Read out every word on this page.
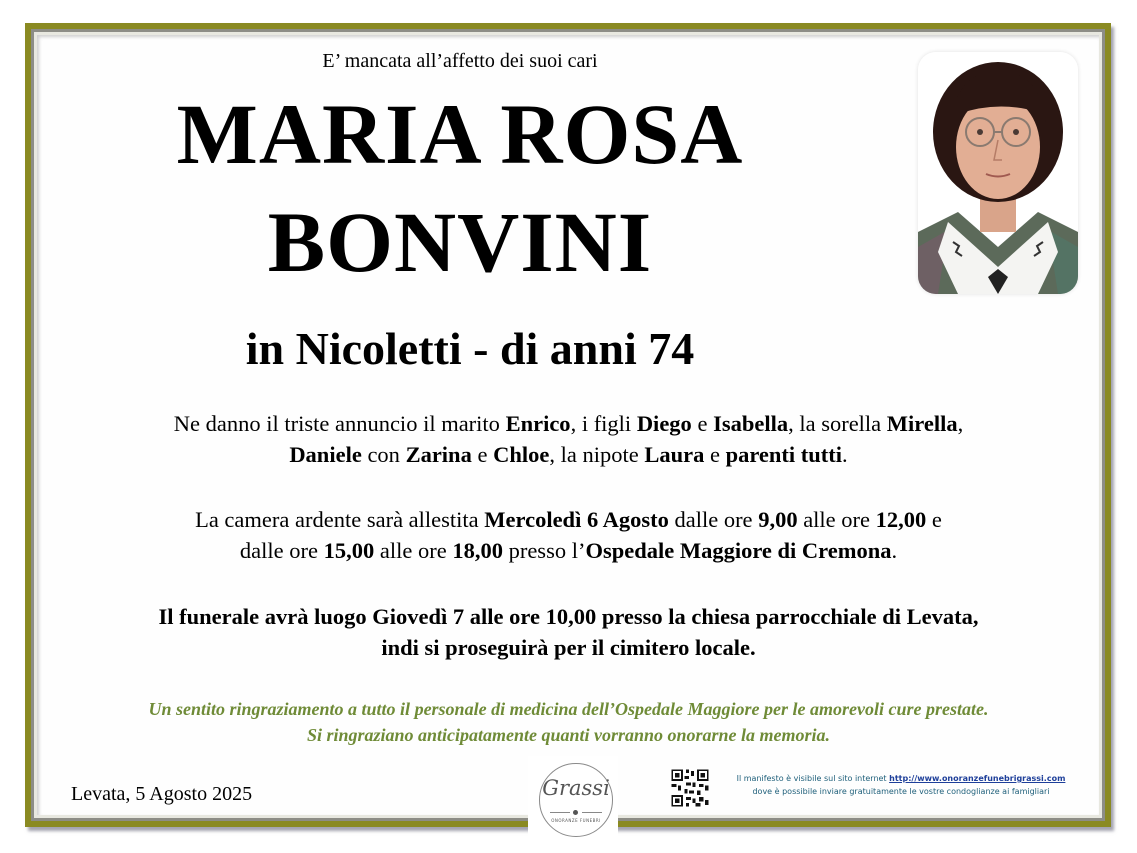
E’ mancata all’affetto dei suoi cari
MARIA ROSA
BONVINI
in Nicoletti - di anni 74
Ne danno il triste annuncio il marito Enrico, i figli Diego e Isabella, la sorella Mirella,
Daniele con Zarina e Chloe, la nipote Laura e parenti tutti.
La camera ardente sarà allestita Mercoledì 6 Agosto dalle ore 9,00 alle ore 12,00 e
dalle ore 15,00 alle ore 18,00 presso l’Ospedale Maggiore di Cremona.
Il funerale avrà luogo Giovedì 7 alle ore 10,00 presso la chiesa parrocchiale di Levata,
indi si proseguirà per il cimitero locale.
Un sentito ringraziamento a tutto il personale di medicina dell’Ospedale Maggiore per le amorevoli cure prestate.
Si ringraziano anticipatamente quanti vorranno onorarne la memoria.
Levata, 5 Agosto 2025	Grassi
ONORANZE FUNEBRI
Il manifesto è visibile sul sito internet http://www.onoranzefunebrigrassi.com
dove è possibile inviare gratuitamente le vostre condoglianze ai famigliari
